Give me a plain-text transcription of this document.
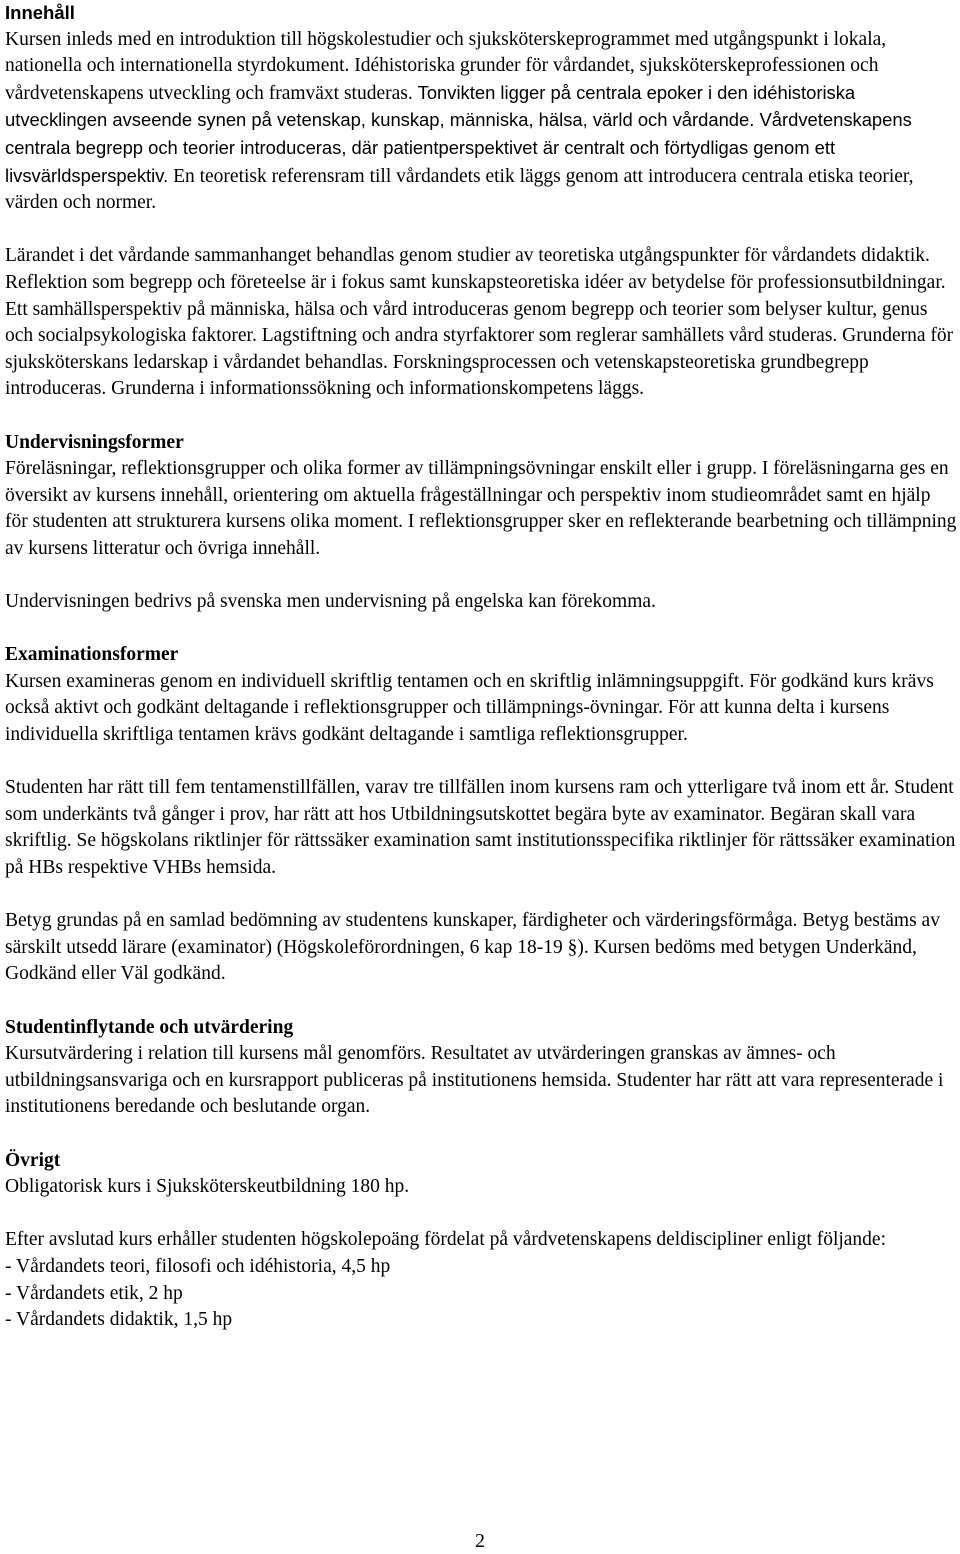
Innehåll

Kursen inleds med en introduktion till högskolestudier och sjuksköterskeprogrammet med utgångspunkt i lokala, nationella och internationella styrdokument. Idéhistoriska grunder för vårdandet, sjuksköterskeprofessionen och vårdvetenskapens utveckling och framväxt studeras. Tonvikten ligger på centrala epoker i den idéhistoriska utvecklingen avseende synen på vetenskap, kunskap, människa, hälsa, värld och vårdande. Vårdvetenskapens centrala begrepp och teorier introduceras, där patientperspektivet är centralt och förtydligas genom ett livsvärldsperspektiv. En teoretisk referensram till vårdandets etik läggs genom att introducera centrala etiska teorier, värden och normer.

Lärandet i det vårdande sammanhanget behandlas genom studier av teoretiska utgångspunkter för vårdandets didaktik. Reflektion som begrepp och företeelse är i fokus samt kunskapsteoretiska idéer av betydelse för professionsutbildningar. Ett samhällsperspektiv på människa, hälsa och vård introduceras genom begrepp och teorier som belyser kultur, genus och socialpsykologiska faktorer. Lagstiftning och andra styrfaktorer som reglerar samhällets vård studeras. Grunderna för sjuksköterskans ledarskap i vårdandet behandlas. Forskningsprocessen och vetenskapsteoretiska grundbegrepp introduceras. Grunderna i informationssökning och informationskompetens läggs.

Undervisningsformer

Föreläsningar, reflektionsgrupper och olika former av tillämpningsövningar enskilt eller i grupp. I föreläsningarna ges en översikt av kursens innehåll, orientering om aktuella frågeställningar och perspektiv inom studieområdet samt en hjälp för studenten att strukturera kursens olika moment. I reflektionsgrupper sker en reflekterande bearbetning och tillämpning av kursens litteratur och övriga innehåll.

Undervisningen bedrivs på svenska men undervisning på engelska kan förekomma.

Examinationsformer

Kursen examineras genom en individuell skriftlig tentamen och en skriftlig inlämningsuppgift. För godkänd kurs krävs också aktivt och godkänt deltagande i reflektionsgrupper och tillämpnings-övningar. För att kunna delta i kursens individuella skriftliga tentamen krävs godkänt deltagande i samtliga reflektionsgrupper.

Studenten har rätt till fem tentamenstillfällen, varav tre tillfällen inom kursens ram och ytterligare två inom ett år. Student som underkänts två gånger i prov, har rätt att hos Utbildningsutskottet begära byte av examinator. Begäran skall vara skriftlig. Se högskolans riktlinjer för rättssäker examination samt institutionsspecifika riktlinjer för rättssäker examination på HBs respektive VHBs hemsida.

Betyg grundas på en samlad bedömning av studentens kunskaper, färdigheter och värderingsförmåga. Betyg bestäms av särskilt utsedd lärare (examinator) (Högskoleförordningen, 6 kap 18-19 §). Kursen bedöms med betygen Underkänd, Godkänd eller Väl godkänd.

Studentinflytande och utvärdering

Kursutvärdering i relation till kursens mål genomförs. Resultatet av utvärderingen granskas av ämnes- och utbildningsansvariga och en kursrapport publiceras på institutionens hemsida. Studenter har rätt att vara representerade i institutionens beredande och beslutande organ.

Övrigt

Obligatorisk kurs i Sjuksköterskeutbildning 180 hp.

Efter avslutad kurs erhåller studenten högskolepoäng fördelat på vårdvetenskapens deldiscipliner enligt följande:

- Vårdandets teori, filosofi och idéhistoria, 4,5 hp
- Vårdandets etik, 2 hp
- Vårdandets didaktik, 1,5 hp
2
